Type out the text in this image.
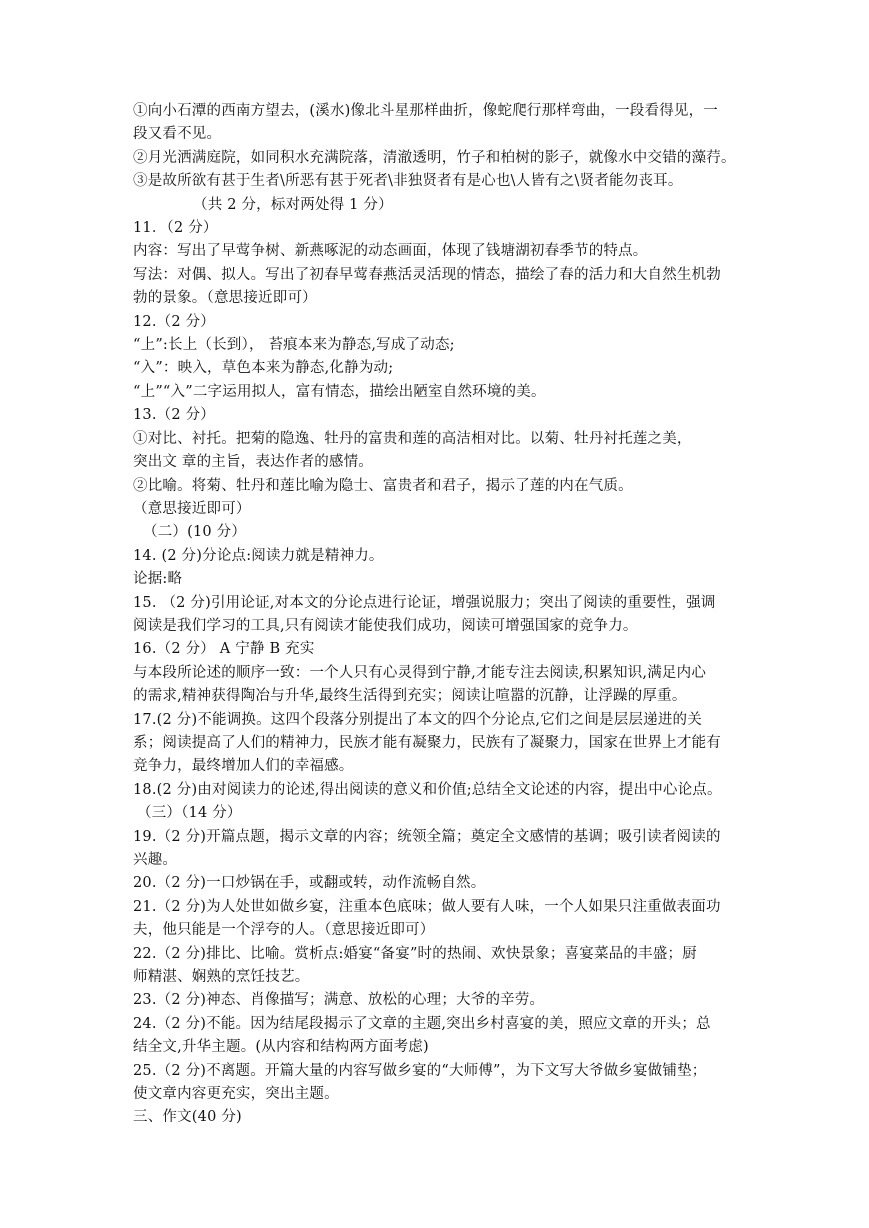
①向小石潭的西南方望去，(溪水)像北斗星那样曲折，像蛇爬行那样弯曲，一段看得见，一
段又看不见。
②月光洒满庭院，如同积水充满院落，清澈透明，竹子和柏树的影子，就像水中交错的藻荇。
③是故所欲有甚于生者\所恶有甚于死者\非独贤者有是心也\人皆有之\贤者能勿丧耳。
（共 2 分，标对两处得 1 分）
11．（2 分）
内容：写出了早莺争树、新燕啄泥的动态画面，体现了钱塘湖初春季节的特点。
写法：对偶、拟人。写出了初春早莺春燕活灵活现的情态，描绘了春的活力和大自然生机勃
勃的景象。（意思接近即可）
12.（2 分）
“上”:长上（长到）， 苔痕本来为静态,写成了动态;
“入”：映入，草色本来为静态,化静为动;
“上”“入”二字运用拟人，富有情态，描绘出陋室自然环境的美。
13.（2 分）
①对比、衬托。把菊的隐逸、牡丹的富贵和莲的高洁相对比。以菊、牡丹衬托莲之美，
突出文 章的主旨，表达作者的感情。
②比喻。将菊、牡丹和莲比喻为隐士、富贵者和君子，揭示了莲的内在气质。
（意思接近即可）
（二）(10 分）
14. (2 分)分论点:阅读力就是精神力。
论据:略
15. （2 分)引用论证,对本文的分论点进行论证，增强说服力；突出了阅读的重要性，强调
阅读是我们学习的工具,只有阅读才能使我们成功，阅读可增强国家的竞争力。
16.（2 分） A 宁静 B 充实
与本段所论述的顺序一致：一个人只有心灵得到宁静,才能专注去阅读,积累知识,满足内心
的需求,精神获得陶冶与升华,最终生活得到充实；阅读让喧嚣的沉静，让浮躁的厚重。
17.(2 分)不能调换。这四个段落分别提出了本文的四个分论点,它们之间是层层递进的关
系；阅读提高了人们的精神力，民族才能有凝聚力，民族有了凝聚力，国家在世界上才能有
竞争力，最终增加人们的幸福感。
18.(2 分)由对阅读力的论述,得出阅读的意义和价值;总结全文论述的内容，提出中心论点。
（三）（14 分）
19.（2 分)开篇点题，揭示文章的内容；统领全篇；奠定全文感情的基调；吸引读者阅读的
兴趣。
20.（2 分)一口炒锅在手，或翻或转，动作流畅自然。
21.（2 分)为人处世如做乡宴，注重本色底味；做人要有人味，一个人如果只注重做表面功
夫，他只能是一个浮夸的人。（意思接近即可）
22.（2 分)排比、比喻。赏析点:婚宴“备宴”时的热闹、欢快景象；喜宴菜品的丰盛；厨
师精湛、娴熟的烹饪技艺。
23.（2 分)神态、肖像描写；满意、放松的心理；大爷的辛劳。
24.（2 分)不能。因为结尾段揭示了文章的主题,突出乡村喜宴的美，照应文章的开头；总
结全文,升华主题。(从内容和结构两方面考虑)
25.（2 分)不离题。开篇大量的内容写做乡宴的“大师傅”，为下文写大爷做乡宴做铺垫；
使文章内容更充实，突出主题。
三、作文(40 分)
